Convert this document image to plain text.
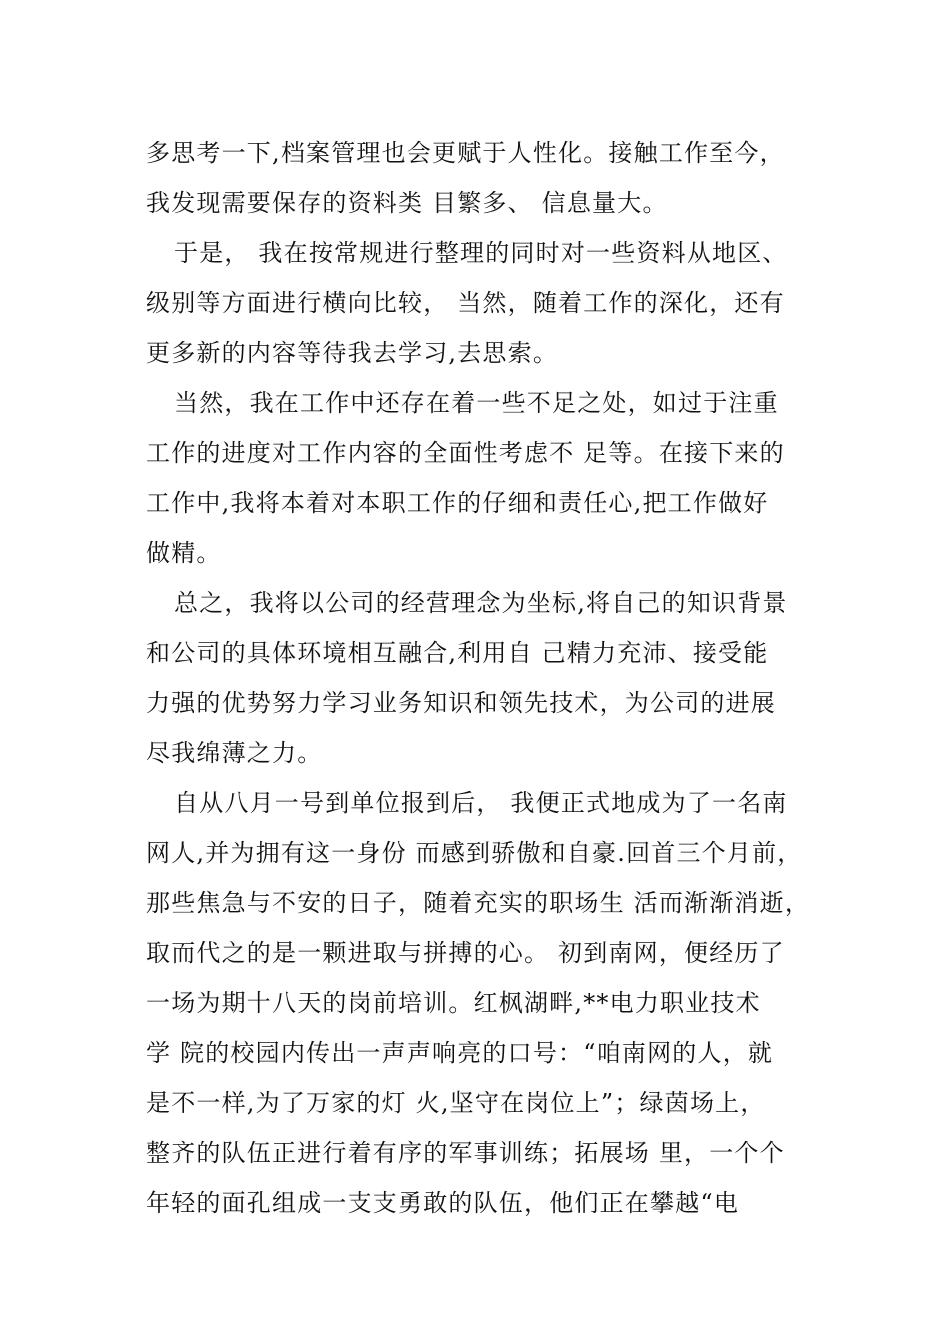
多思考一下,档案管理也会更赋于人性化。接触工作至今，
我发现需要保存的资料类 目繁多、 信息量大。
于是， 我在按常规进行整理的同时对一些资料从地区、
级别等方面进行横向比较， 当然，随着工作的深化，还有
更多新的内容等待我去学习,去思索。
当然，我在工作中还存在着一些不足之处，如过于注重
工作的进度对工作内容的全面性考虑不 足等。在接下来的
工作中,我将本着对本职工作的仔细和责任心,把工作做好
做精。
总之，我将以公司的经营理念为坐标,将自己的知识背景
和公司的具体环境相互融合,利用自 己精力充沛、接受能
力强的优势努力学习业务知识和领先技术，为公司的进展
尽我绵薄之力。
自从八月一号到单位报到后， 我便正式地成为了一名南
网人,并为拥有这一身份 而感到骄傲和自豪.回首三个月前，
那些焦急与不安的日子，随着充实的职场生 活而渐渐消逝，
取而代之的是一颗进取与拼搏的心。 初到南网，便经历了
一场为期十八天的岗前培训。红枫湖畔,**电力职业技术
学 院的校园内传出一声声响亮的口号：“咱南网的人，就
是不一样,为了万家的灯 火,坚守在岗位上”；绿茵场上，
整齐的队伍正进行着有序的军事训练；拓展场 里，一个个
年轻的面孔组成一支支勇敢的队伍，他们正在攀越“电
